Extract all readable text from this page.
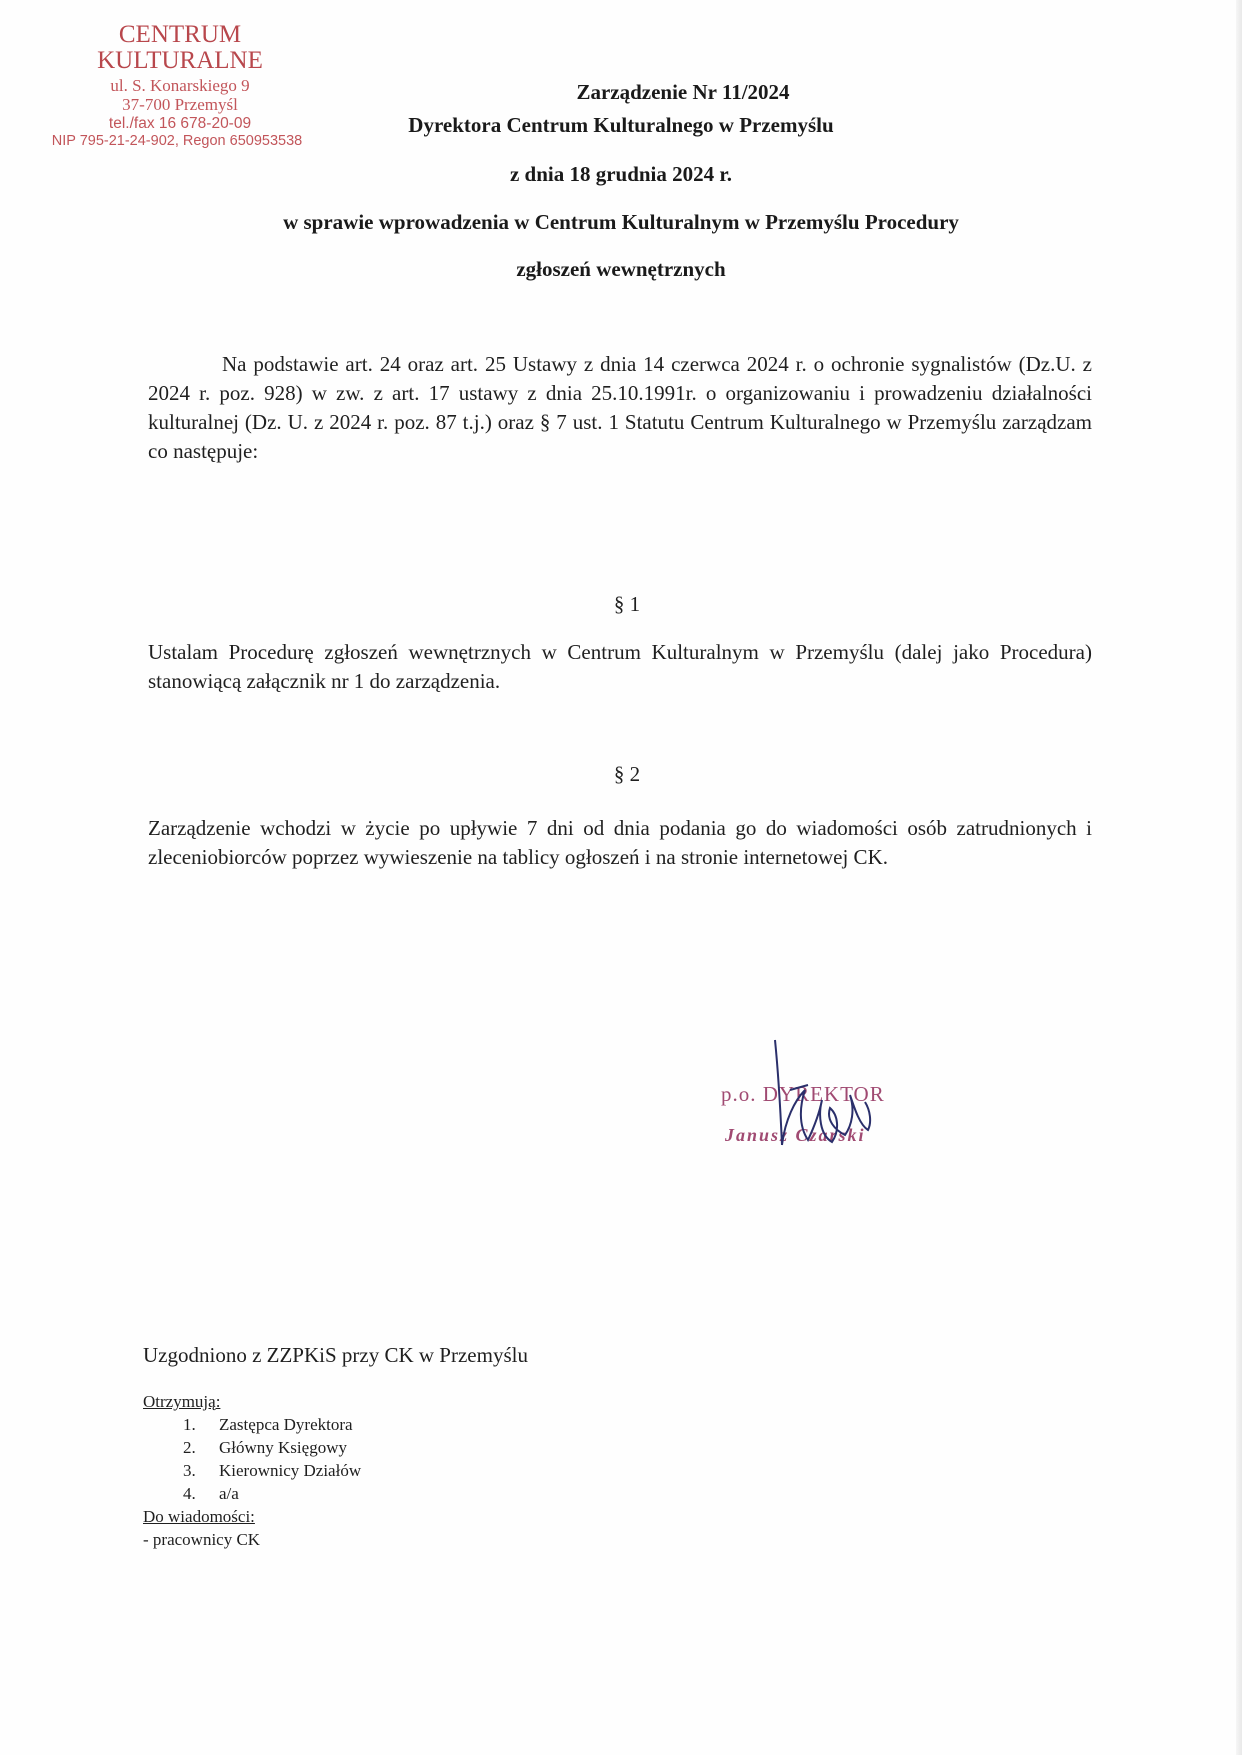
CENTRUM KULTURALNE
ul. S. Konarskiego 9
37-700 Przemyśl
tel./fax 16 678-20-09
NIP 795-21-24-902, Regon 650953538
Zarządzenie Nr 11/2024
Dyrektora Centrum Kulturalnego w Przemyślu
z dnia 18 grudnia 2024 r.
w sprawie wprowadzenia w Centrum Kulturalnym w Przemyślu Procedury
zgłoszeń wewnętrznych
Na podstawie art. 24 oraz art. 25 Ustawy z dnia 14 czerwca 2024 r. o ochronie sygnalistów (Dz.U. z 2024 r. poz. 928) w zw. z art. 17 ustawy z dnia 25.10.1991r. o organizowaniu i prowadzeniu działalności kulturalnej (Dz. U. z 2024 r. poz. 87 t.j.) oraz § 7 ust. 1 Statutu Centrum Kulturalnego w Przemyślu zarządzam co następuje:
§ 1
Ustalam Procedurę zgłoszeń wewnętrznych w Centrum Kulturalnym w Przemyślu (dalej jako Procedura) stanowiącą załącznik nr 1 do zarządzenia.
§ 2
Zarządzenie wchodzi w życie po upływie 7 dni od dnia podania go do wiadomości osób zatrudnionych i zleceniobiorców poprzez wywieszenie na tablicy ogłoszeń i na stronie internetowej CK.
p.o. DYREKTOR
Janusz Czarski
Uzgodniono z ZZPKiS przy CK w Przemyślu
Otrzymują:
1. Zastępca Dyrektora
2. Główny Księgowy
3. Kierownicy Działów
4. a/a
Do wiadomości:
- pracownicy CK
